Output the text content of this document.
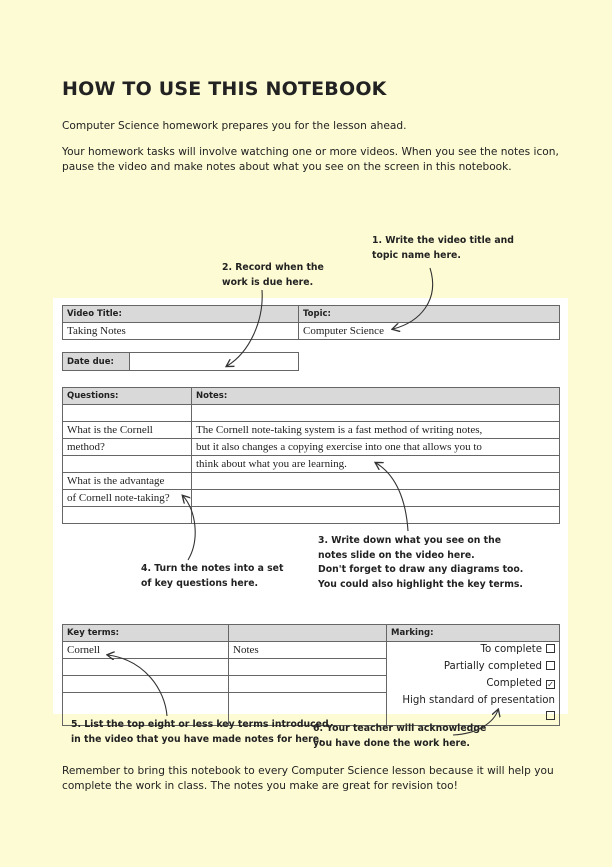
HOW TO USE THIS NOTEBOOK

Computer Science homework prepares you for the lesson ahead.

Your homework tasks will involve watching one or more videos. When you see the notes icon,
pause the video and make notes about what you see on the screen in this notebook.

1. Write the video title and
topic name here.

2. Record when the
work is due here.

Video Title:	Topic:
Taking Notes	Computer Science
Date due:	
Questions:	Notes:

What is the Cornell	The Cornell note-taking system is a fast method of writing notes,
method?	but it also changes a copying exercise into one that allows you to
	think about what you are learning.
What is the advantage	
of Cornell note-taking?	

3. Write down what you see on the
notes slide on the video here.
Don't forget to draw any diagrams too.
You could also highlight the key terms.

4. Turn the notes into a set
of key questions here.

Key terms:		Marking:
Cornell	Notes	To complete
		Partially completed
		Completed ✓
		High standard of presentation

5. List the top eight or less key terms introduced
in the video that you have made notes for here.

6. Your teacher will acknowledge
you have done the work here.

Remember to bring this notebook to every Computer Science lesson because it will help you
complete the work in class. The notes you make are great for revision too!
